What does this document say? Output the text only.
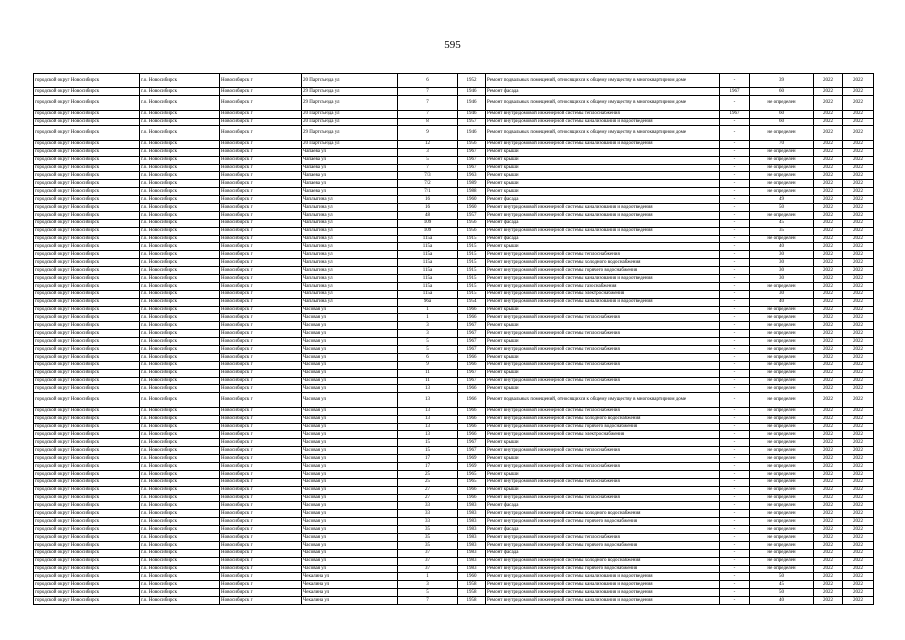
595
городской округ Новосибирск	г.о. Новосибирск	Новосибирск г	20 Партсъезда ул	6	1952	Ремонт подвальных помещений, относящихся к общему имуществу в многоквартирном доме	-	39	2022	2022
городской округ Новосибирск	г.о. Новосибирск	Новосибирск г	29 Партсъезда ул	7	1946	Ремонт фасада	1967	60	2022	2022
городской округ Новосибирск	г.о. Новосибирск	Новосибирск г	29 Партсъезда ул	7	1946	Ремонт подвальных помещений, относящихся к общему имуществу в многоквартирном доме	-	не определен	2022	2022
городской округ Новосибирск	г.о. Новосибирск	Новосибирск г	20 Партсъезда ул	7	1946	Ремонт внутридомовой инженерной системы теплоснабжения	1967	60	2022	2022
городской округ Новосибирск	г.о. Новосибирск	Новосибирск г	20 Партсъезда ул	8	1957	Ремонт внутридомовой инженерной системы канализования и водоотведения	-	60	2022	2022
городской округ Новосибирск	г.о. Новосибирск	Новосибирск г	29 Партсъезда ул	9	1946	Ремонт подвальных помещений, относящихся к общему имуществу в многоквартирном доме	-	не определен	2022	2022
городской округ Новосибирск	г.о. Новосибирск	Новосибирск г	20 Партсъезда ул	12	1956	Ремонт внутридомовой инженерной системы канализования и водоотведения	-	70	2022	2022
городской округ Новосибирск	г.о. Новосибирск	Новосибирск г	Чапаева ул	3	1967	Ремонт крыши	-	не определен	2022	2022
городской округ Новосибирск	г.о. Новосибирск	Новосибирск г	Чапаева ул	5	1967	Ремонт крыши	-	не определен	2022	2022
городской округ Новосибирск	г.о. Новосибирск	Новосибирск г	Чапаева ул	7	1967	Ремонт крыши	-	не определен	2022	2022
городской округ Новосибирск	г.о. Новосибирск	Новосибирск г	Чапаева ул	7/3	1963	Ремонт крыши	-	не определен	2022	2022
городской округ Новосибирск	г.о. Новосибирск	Новосибирск г	Чапаева ул	7/2	1989	Ремонт крыши	-	не определен	2022	2022
городской округ Новосибирск	г.о. Новосибирск	Новосибирск г	Чапаева ул	7/1	1988	Ремонт крыши	-	не определен	2022	2022
городской округ Новосибирск	г.о. Новосибирск	Новосибирск г	Чаплыгина ул	16	1960	Ремонт фасада	-	49	2022	2022
городской округ Новосибирск	г.о. Новосибирск	Новосибирск г	Чаплыгина ул	16	1960	Ремонт внутридомовой инженерной системы канализования и водоотведения	-	50	2022	2022
городской округ Новосибирск	г.о. Новосибирск	Новосибирск г	Чаплыгина ул	48	1957	Ремонт внутридомовой инженерной системы канализования и водоотведения	-	не определен	2022	2022
городской округ Новосибирск	г.о. Новосибирск	Новосибирск г	Чаплыгина ул	109	1956	Ремонт фасада	-	45	2022	2022
городской округ Новосибирск	г.о. Новосибирск	Новосибирск г	Чаплыгина ул	109	1956	Ремонт внутридомовой инженерной системы канализования и водоотведения	-	35	2022	2022
городской округ Новосибирск	г.о. Новосибирск	Новосибирск г	Чаплыгина ул	115а	1915	Ремонт фасада	-	не определен	2022	2022
городской округ Новосибирск	г.о. Новосибирск	Новосибирск г	Чаплыгина ул	115а	1915	Ремонт крыши	-	40	2022	2022
городской округ Новосибирск	г.о. Новосибирск	Новосибирск г	Чаплыгина ул	115а	1915	Ремонт внутридомовой инженерной системы теплоснабжения	-	30	2022	2022
городской округ Новосибирск	г.о. Новосибирск	Новосибирск г	Чаплыгина ул	115а	1915	Ремонт внутридомовой инженерной системы холодного водоснабжения	-	30	2022	2022
городской округ Новосибирск	г.о. Новосибирск	Новосибирск г	Чаплыгина ул	115а	1915	Ремонт внутридомовой инженерной системы горячего водоснабжения	-	30	2022	2022
городской округ Новосибирск	г.о. Новосибирск	Новосибирск г	Чаплыгина ул	115а	1915	Ремонт внутридомовой инженерной системы канализования и водоотведения	-	30	2022	2022
городской округ Новосибирск	г.о. Новосибирск	Новосибирск г	Чаплыгина ул	115а	1915	Ремонт внутридомовой инженерной системы газоснабжения	-	не определен	2022	2022
городской округ Новосибирск	г.о. Новосибирск	Новосибирск г	Чаплыгина ул	115а	1915	Ремонт внутридомовой инженерной системы электроснабжения	-	30	2022	2022
городской округ Новосибирск	г.о. Новосибирск	Новосибирск г	Чаплыгина ул	96а	1954	Ремонт внутридомовой инженерной системы канализования и водоотведения	-	40	2022	2022
городской округ Новосибирск	г.о. Новосибирск	Новосибирск г	Часовая ул	1	1966	Ремонт крыши	-	не определен	2022	2022
городской округ Новосибирск	г.о. Новосибирск	Новосибирск г	Часовая ул	1	1966	Ремонт внутридомовой инженерной системы теплоснабжения	-	не определен	2022	2022
городской округ Новосибирск	г.о. Новосибирск	Новосибирск г	Часовая ул	3	1967	Ремонт крыши	-	не определен	2022	2022
городской округ Новосибирск	г.о. Новосибирск	Новосибирск г	Часовая ул	3	1967	Ремонт внутридомовой инженерной системы теплоснабжения	-	не определен	2022	2022
городской округ Новосибирск	г.о. Новосибирск	Новосибирск г	Часовая ул	5	1967	Ремонт крыши	-	не определен	2022	2022
городской округ Новосибирск	г.о. Новосибирск	Новосибирск г	Часовая ул	5	1967	Ремонт внутридомовой инженерной системы теплоснабжения	-	не определен	2022	2022
городской округ Новосибирск	г.о. Новосибирск	Новосибирск г	Часовая ул	6	1966	Ремонт крыши	-	не определен	2022	2022
городской округ Новосибирск	г.о. Новосибирск	Новосибирск г	Часовая ул	9	1966	Ремонт внутридомовой инженерной системы теплоснабжения	-	не определен	2022	2022
городской округ Новосибирск	г.о. Новосибирск	Новосибирск г	Часовая ул	11	1967	Ремонт крыши	-	не определен	2022	2022
городской округ Новосибирск	г.о. Новосибирск	Новосибирск г	Часовая ул	11	1967	Ремонт внутридомовой инженерной системы теплоснабжения	-	не определен	2022	2022
городской округ Новосибирск	г.о. Новосибирск	Новосибирск г	Часовая ул	13	1966	Ремонт крыши	-	не определен	2022	2022
городской округ Новосибирск	г.о. Новосибирск	Новосибирск г	Часовая ул	13	1966	Ремонт подвальных помещений, относящихся к общему имуществу в многоквартирном доме	-	не определен	2022	2022
городской округ Новосибирск	г.о. Новосибирск	Новосибирск г	Часовая ул	13	1966	Ремонт внутридомовой инженерной системы теплоснабжения	-	не определен	2022	2022
городской округ Новосибирск	г.о. Новосибирск	Новосибирск г	Часовая ул	13	1966	Ремонт внутридомовой инженерной системы холодного водоснабжения	-	не определен	2022	2022
городской округ Новосибирск	г.о. Новосибирск	Новосибирск г	Часовая ул	13	1966	Ремонт внутридомовой инженерной системы горячего водоснабжения	-	не определен	2022	2022
городской округ Новосибирск	г.о. Новосибирск	Новосибирск г	Часовая ул	13	1966	Ремонт внутридомовой инженерной системы электроснабжения	-	не определен	2022	2022
городской округ Новосибирск	г.о. Новосибирск	Новосибирск г	Часовая ул	15	1967	Ремонт крыши	-	не определен	2022	2022
городской округ Новосибирск	г.о. Новосибирск	Новосибирск г	Часовая ул	15	1967	Ремонт внутридомовой инженерной системы теплоснабжения	-	не определен	2022	2022
городской округ Новосибирск	г.о. Новосибирск	Новосибирск г	Часовая ул	17	1969	Ремонт крыши	-	не определен	2022	2022
городской округ Новосибирск	г.о. Новосибирск	Новосибирск г	Часовая ул	17	1969	Ремонт внутридомовой инженерной системы теплоснабжения	-	не определен	2022	2022
городской округ Новосибирск	г.о. Новосибирск	Новосибирск г	Часовая ул	25	1965	Ремонт крыши	-	не определен	2022	2022
городской округ Новосибирск	г.о. Новосибирск	Новосибирск г	Часовая ул	25	1965	Ремонт внутридомовой инженерной системы теплоснабжения	-	не определен	2022	2022
городской округ Новосибирск	г.о. Новосибирск	Новосибирск г	Часовая ул	27	1966	Ремонт крыши	-	не определен	2022	2022
городской округ Новосибирск	г.о. Новосибирск	Новосибирск г	Часовая ул	27	1966	Ремонт внутридомовой инженерной системы теплоснабжения	-	не определен	2022	2022
городской округ Новосибирск	г.о. Новосибирск	Новосибирск г	Часовая ул	33	1983	Ремонт фасада	-	не определен	2022	2022
городской округ Новосибирск	г.о. Новосибирск	Новосибирск г	Часовая ул	33	1983	Ремонт внутридомовой инженерной системы холодного водоснабжения	-	не определен	2022	2022
городской округ Новосибирск	г.о. Новосибирск	Новосибирск г	Часовая ул	33	1983	Ремонт внутридомовой инженерной системы горячего водоснабжения	-	не определен	2022	2022
городской округ Новосибирск	г.о. Новосибирск	Новосибирск г	Часовая ул	35	1983	Ремонт фасада	-	не определен	2022	2022
городской округ Новосибирск	г.о. Новосибирск	Новосибирск г	Часовая ул	35	1983	Ремонт внутридомовой инженерной системы теплоснабжения	-	не определен	2022	2022
городской округ Новосибирск	г.о. Новосибирск	Новосибирск г	Часовая ул	35	1983	Ремонт внутридомовой инженерной системы горячего водоснабжения	-	не определен	2022	2022
городской округ Новосибирск	г.о. Новосибирск	Новосибирск г	Часовая ул	37	1983	Ремонт фасада	-	не определен	2022	2022
городской округ Новосибирск	г.о. Новосибирск	Новосибирск г	Часовая ул	37	1983	Ремонт внутридомовой инженерной системы холодного водоснабжения	-	не определен	2022	2022
городской округ Новосибирск	г.о. Новосибирск	Новосибирск г	Часовая ул	37	1983	Ремонт внутридомовой инженерной системы горячего водоснабжения	-	не определен	2022	2022
городской округ Новосибирск	г.о. Новосибирск	Новосибирск г	Чекалина ул	1	1960	Ремонт внутридомовой инженерной системы канализования и водоотведения	-	50	2022	2022
городской округ Новосибирск	г.о. Новосибирск	Новосибирск г	Чекалина ул	3	1958	Ремонт внутридомовой инженерной системы канализования и водоотведения	-	45	2022	2022
городской округ Новосибирск	г.о. Новосибирск	Новосибирск г	Чекалина ул	5	1958	Ремонт внутридомовой инженерной системы канализования и водоотведения	-	50	2022	2022
городской округ Новосибирск	г.о. Новосибирск	Новосибирск г	Чекалина ул	7	1958	Ремонт внутридомовой инженерной системы канализования и водоотведения	-	40	2022	2022
